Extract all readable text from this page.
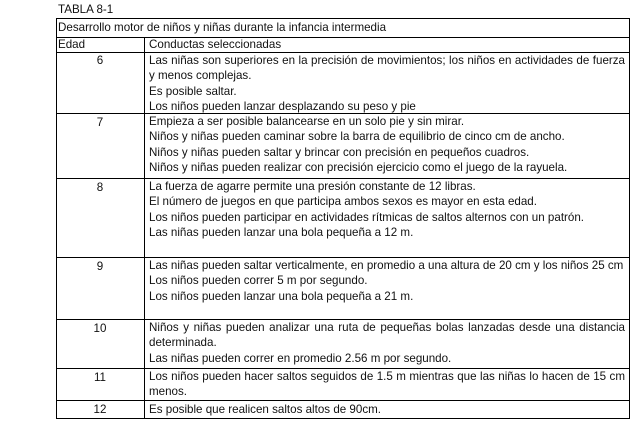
TABLA 8-1
Desarrollo motor de niños y niñas durante la infancia intermedia
Edad	Conductas seleccionadas
6	Las niñas son superiores en la precisión de movimientos; los niños en actividades de fuerza y menos complejas.

Es posible saltar.

Los niños pueden lanzar desplazando su peso y pie

7	Empieza a ser posible balancearse en un solo pie y sin mirar.

Niños y niñas pueden caminar sobre la barra de equilibrio de cinco cm de ancho.

Niños y niñas pueden saltar y brincar con precisión en pequeños cuadros.

Niños y niñas pueden realizar con precisión ejercicio como el juego de la rayuela.

8	La fuerza de agarre permite una presión constante de 12 libras.

El número de juegos en que participa ambos sexos es mayor en esta edad.

Los niños pueden participar en actividades rítmicas de saltos alternos con un patrón.

Las niñas pueden lanzar una bola pequeña a 12 m.

9	Las niñas pueden saltar verticalmente, en promedio a una altura de 20 cm y los niños 25 cm

Los niños pueden correr 5 m por segundo.

Los niños pueden lanzar una bola pequeña a 21 m.

10	Niños y niñas pueden analizar una ruta de pequeñas bolas lanzadas desde una distancia determinada.

Las niñas pueden correr en promedio 2.56 m por segundo.

11	Los niños pueden hacer saltos seguidos de 1.5 m mientras que las niñas lo hacen de 15 cm menos.

12	Es posible que realicen saltos altos de 90cm.
